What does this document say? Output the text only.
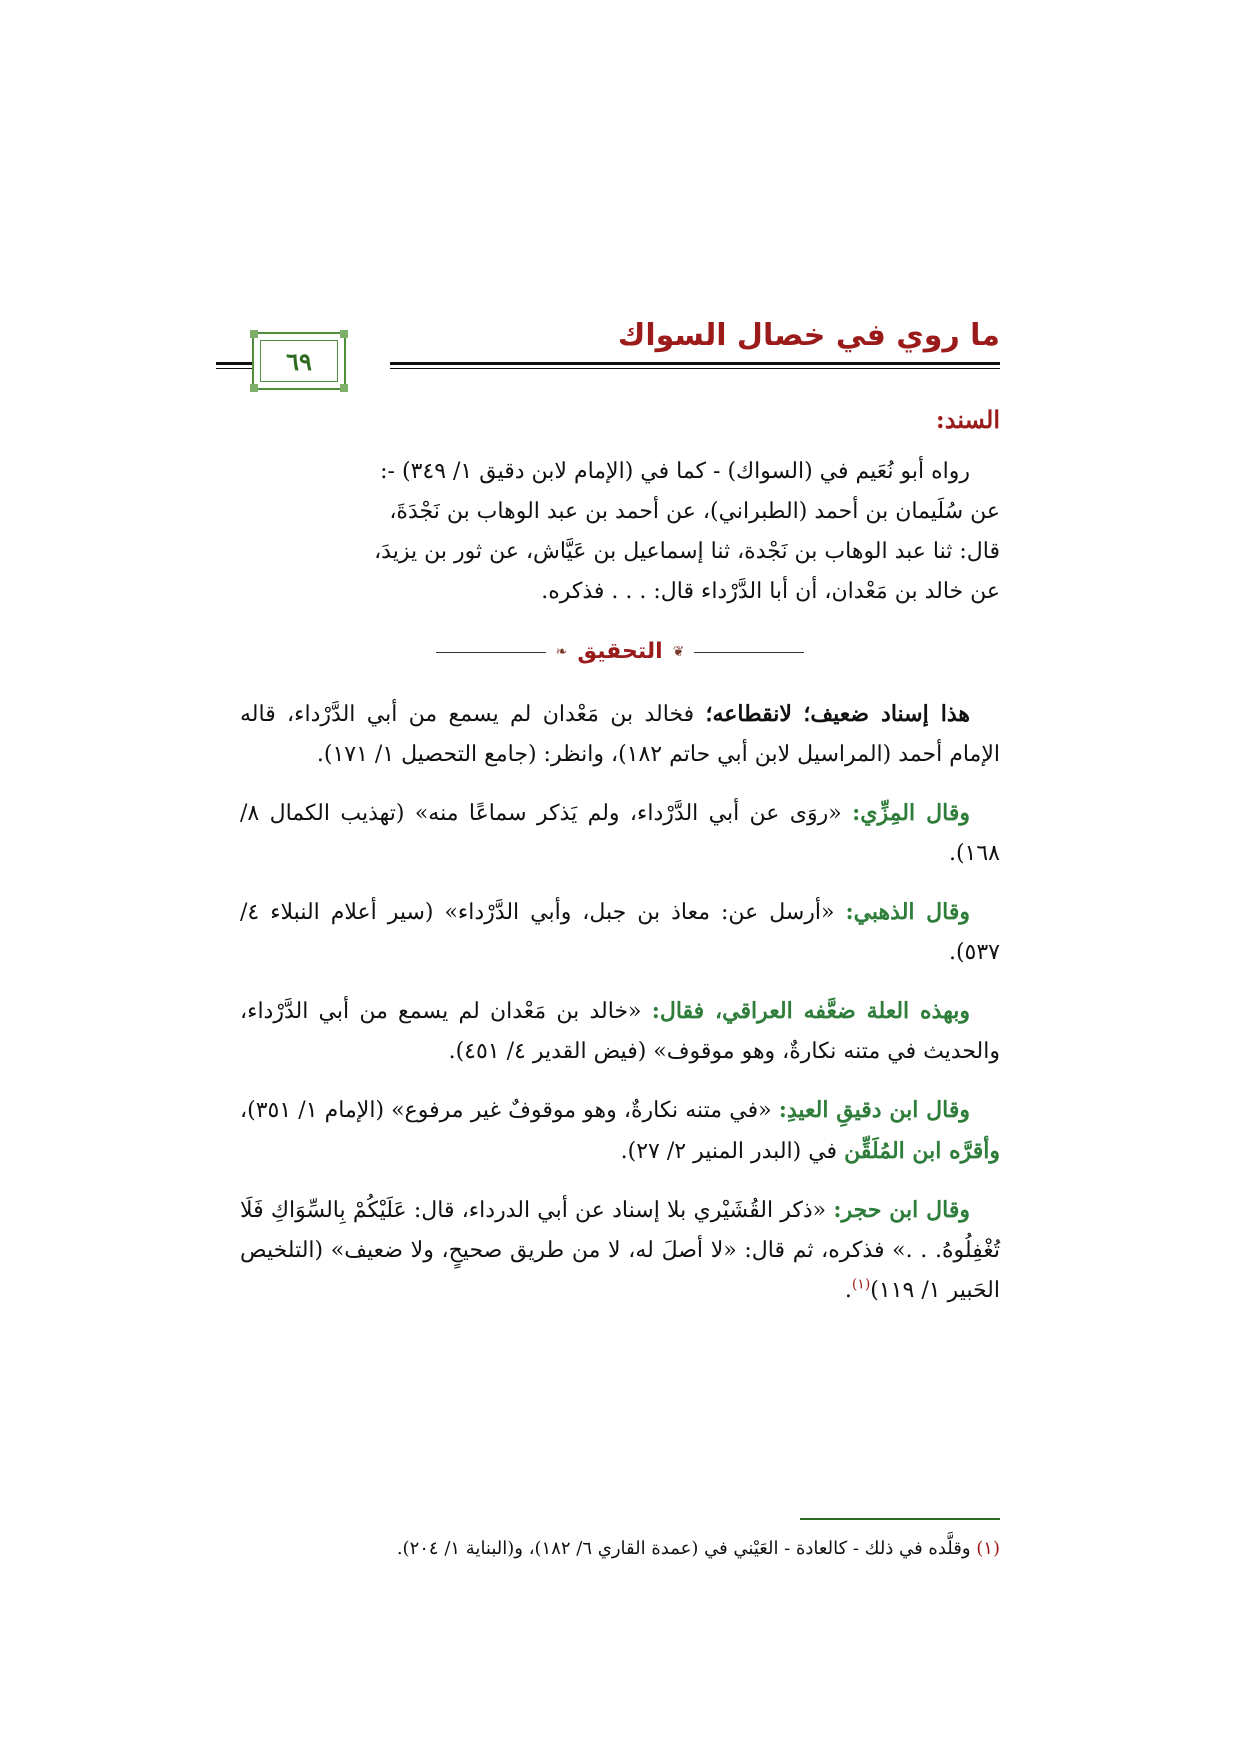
ما روي في خصال السواك
٦٩
السند:
رواه أبو نُعَيم في (السواك) - كما في (الإمام لابن دقيق ١/ ٣٤٩) -:
عن سُلَيمان بن أحمد (الطبراني)، عن أحمد بن عبد الوهاب بن نَجْدَةَ،
قال: ثنا عبد الوهاب بن نَجْدة، ثنا إسماعيل بن عَيَّاش، عن ثور بن يزيدَ،
عن خالد بن مَعْدان، أن أبا الدَّرْداء قال: . . . فذكره.
❦
التحقيق
❧

هذا إسناد ضعيف؛ لانقطاعه؛ فخالد بن مَعْدان لم يسمع من أبي الدَّرْداء، قاله الإمام أحمد (المراسيل لابن أبي حاتم ١٨٢)، وانظر: (جامع التحصيل ١/ ١٧١).

وقال المِزِّي: «روَى عن أبي الدَّرْداء، ولم يَذكر سماعًا منه» (تهذيب الكمال ٨/ ١٦٨).

وقال الذهبي: «أرسل عن: معاذ بن جبل، وأبي الدَّرْداء» (سير أعلام النبلاء ٤/ ٥٣٧).

وبهذه العلة ضعَّفه العراقي، فقال: «خالد بن مَعْدان لم يسمع من أبي الدَّرْداء، والحديث في متنه نكارةٌ، وهو موقوف» (فيض القدير ٤/ ٤٥١).

وقال ابن دقيقِ العيدِ: «في متنه نكارةٌ، وهو موقوفٌ غير مرفوع» (الإمام ١/ ٣٥١)، وأقرَّه ابن المُلَقِّن في (البدر المنير ٢/ ٢٧).

وقال ابن حجر: «ذكر القُشَيْري بلا إسناد عن أبي الدرداء، قال: عَلَيْكُمْ بِالسِّوَاكِ فَلَا تُغْفِلُوهُ. . .» فذكره، ثم قال: «لا أصلَ له، لا من طريق صحيحٍ، ولا ضعيف» (التلخيص الحَبير ١/ ١١٩)$^{(١)}$.

(١) وقلَّده في ذلك - كالعادة - العَيْني في (عمدة القاري ٦/ ١٨٢)، و(البناية ١/ ٢٠٤).
